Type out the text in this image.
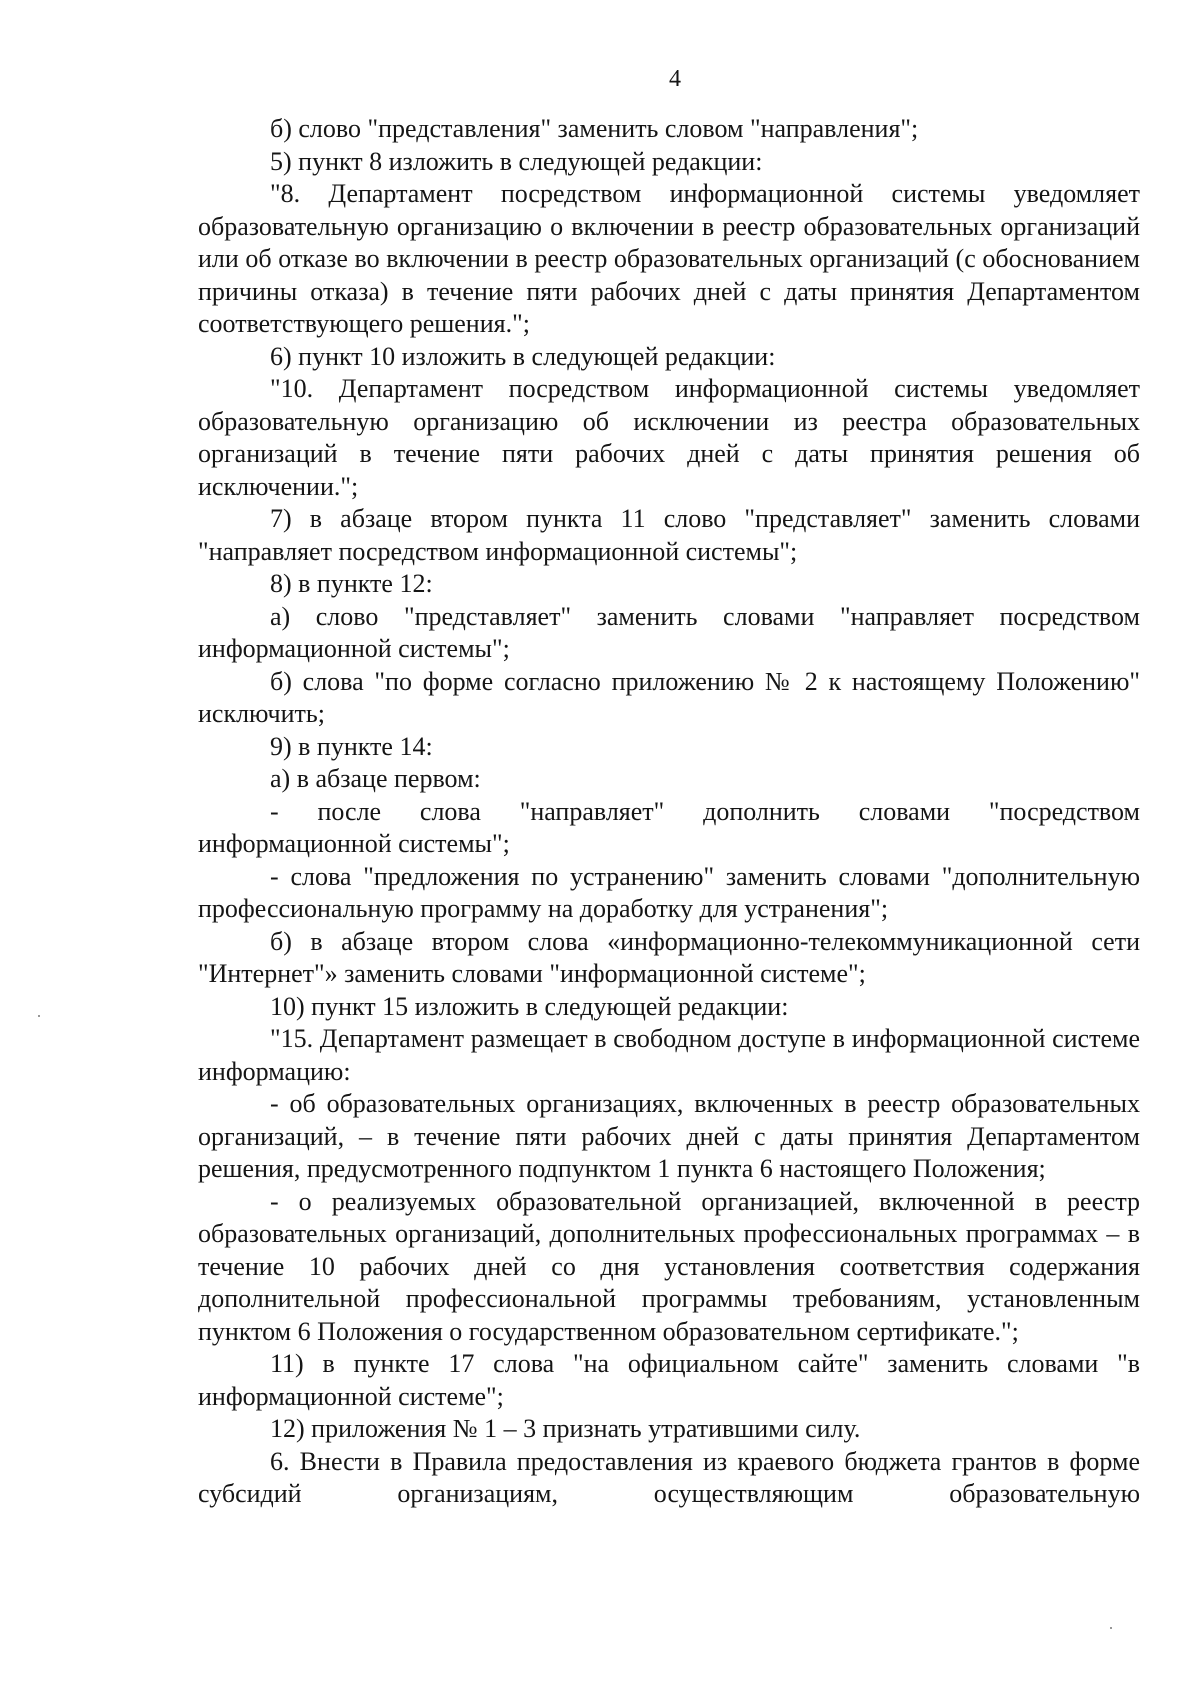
4

б) слово "представления" заменить словом "направления";

5) пункт 8 изложить в следующей редакции:

"8. Департамент посредством информационной системы уведомляет образовательную организацию о включении в реестр образовательных организаций или об отказе во включении в реестр образовательных организаций (с обоснованием причины отказа) в течение пяти рабочих дней с даты принятия Департаментом соответствующего решения.";

6) пункт 10 изложить в следующей редакции:

"10. Департамент посредством информационной системы уведомляет образовательную организацию об исключении из реестра образовательных организаций в течение пяти рабочих дней с даты принятия решения об исключении.";

7) в абзаце втором пункта 11 слово "представляет" заменить словами "направляет посредством информационной системы";

8) в пункте 12:

а) слово "представляет" заменить словами "направляет посредством информационной системы";

б) слова "по форме согласно приложению № 2 к настоящему Положению" исключить;

9) в пункте 14:

а) в абзаце первом:

- после слова "направляет" дополнить словами "посредством информационной системы";

- слова "предложения по устранению" заменить словами "дополнительную профессиональную программу на доработку для устранения";

б) в абзаце втором слова «информационно-телекоммуникационной сети "Интернет"» заменить словами "информационной системе";

10) пункт 15 изложить в следующей редакции:

"15. Департамент размещает в свободном доступе в информационной системе информацию:

- об образовательных организациях, включенных в реестр образовательных организаций, – в течение пяти рабочих дней с даты принятия Департаментом решения, предусмотренного подпунктом 1 пункта 6 настоящего Положения;

- о реализуемых образовательной организацией, включенной в реестр образовательных организаций, дополнительных профессиональных программах – в течение 10 рабочих дней со дня установления соответствия содержания дополнительной профессиональной программы требованиям, установленным пунктом 6 Положения о государственном образовательном сертификате.";

11) в пункте 17 слова "на официальном сайте" заменить словами "в информационной системе";

12) приложения № 1 – 3 признать утратившими силу.

6. Внести в Правила предоставления из краевого бюджета грантов в форме субсидий организациям, осуществляющим образовательную
